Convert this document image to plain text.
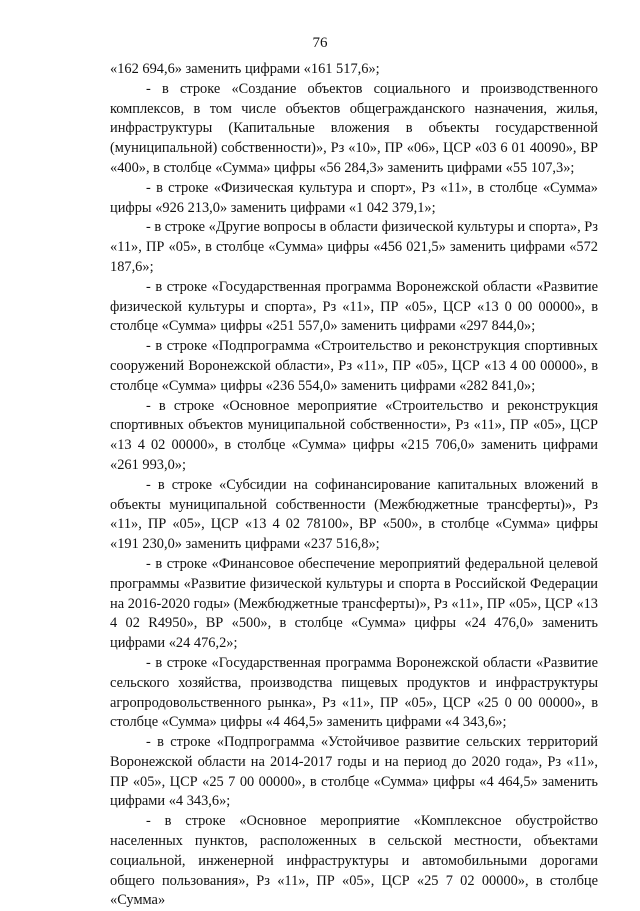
76

«162 694,6» заменить цифрами «161 517,6»;

- в строке «Создание объектов социального и производственного комплексов, в том числе объектов общегражданского назначения, жилья, инфраструктуры (Капитальные вложения в объекты государственной (муниципальной) собственности)», Рз «10», ПР «06», ЦСР «03 6 01 40090», ВР «400», в столбце «Сумма» цифры «56 284,3» заменить цифрами «55 107,3»;

- в строке «Физическая культура и спорт», Рз «11», в столбце «Сумма» цифры «926 213,0» заменить цифрами «1 042 379,1»;

- в строке «Другие вопросы в области физической культуры и спорта», Рз «11», ПР «05», в столбце «Сумма» цифры «456 021,5» заменить цифрами «572 187,6»;

- в строке «Государственная программа Воронежской области «Развитие физической культуры и спорта», Рз «11», ПР «05», ЦСР «13 0 00 00000», в столбце «Сумма» цифры «251 557,0» заменить цифрами «297 844,0»;

- в строке «Подпрограмма «Строительство и реконструкция спортивных сооружений Воронежской области», Рз «11», ПР «05», ЦСР «13 4 00 00000», в столбце «Сумма» цифры «236 554,0» заменить цифрами «282 841,0»;

- в строке «Основное мероприятие «Строительство и реконструкция спортивных объектов муниципальной собственности», Рз «11», ПР «05», ЦСР «13 4 02 00000», в столбце «Сумма» цифры «215 706,0» заменить цифрами «261 993,0»;

- в строке «Субсидии на софинансирование капитальных вложений в объекты муниципальной собственности (Межбюджетные трансферты)», Рз «11», ПР «05», ЦСР «13 4 02 78100», ВР «500», в столбце «Сумма» цифры «191 230,0» заменить цифрами «237 516,8»;

- в строке «Финансовое обеспечение мероприятий федеральной целевой программы «Развитие физической культуры и спорта в Российской Федерации на 2016-2020 годы» (Межбюджетные трансферты)», Рз «11», ПР «05», ЦСР «13 4 02 R4950», ВР «500», в столбце «Сумма» цифры «24 476,0» заменить цифрами «24 476,2»;

- в строке «Государственная программа Воронежской области «Развитие сельского хозяйства, производства пищевых продуктов и инфраструктуры агропродовольственного рынка», Рз «11», ПР «05», ЦСР «25 0 00 00000», в столбце «Сумма» цифры «4 464,5» заменить цифрами «4 343,6»;

- в строке «Подпрограмма «Устойчивое развитие сельских территорий Воронежской области на 2014-2017 годы и на период до 2020 года», Рз «11», ПР «05», ЦСР «25 7 00 00000», в столбце «Сумма» цифры «4 464,5» заменить цифрами «4 343,6»;

- в строке «Основное мероприятие «Комплексное обустройство населенных пунктов, расположенных в сельской местности, объектами социальной, инженерной инфраструктуры и автомобильными дорогами общего пользования», Рз «11», ПР «05», ЦСР «25 7 02 00000», в столбце «Сумма»
